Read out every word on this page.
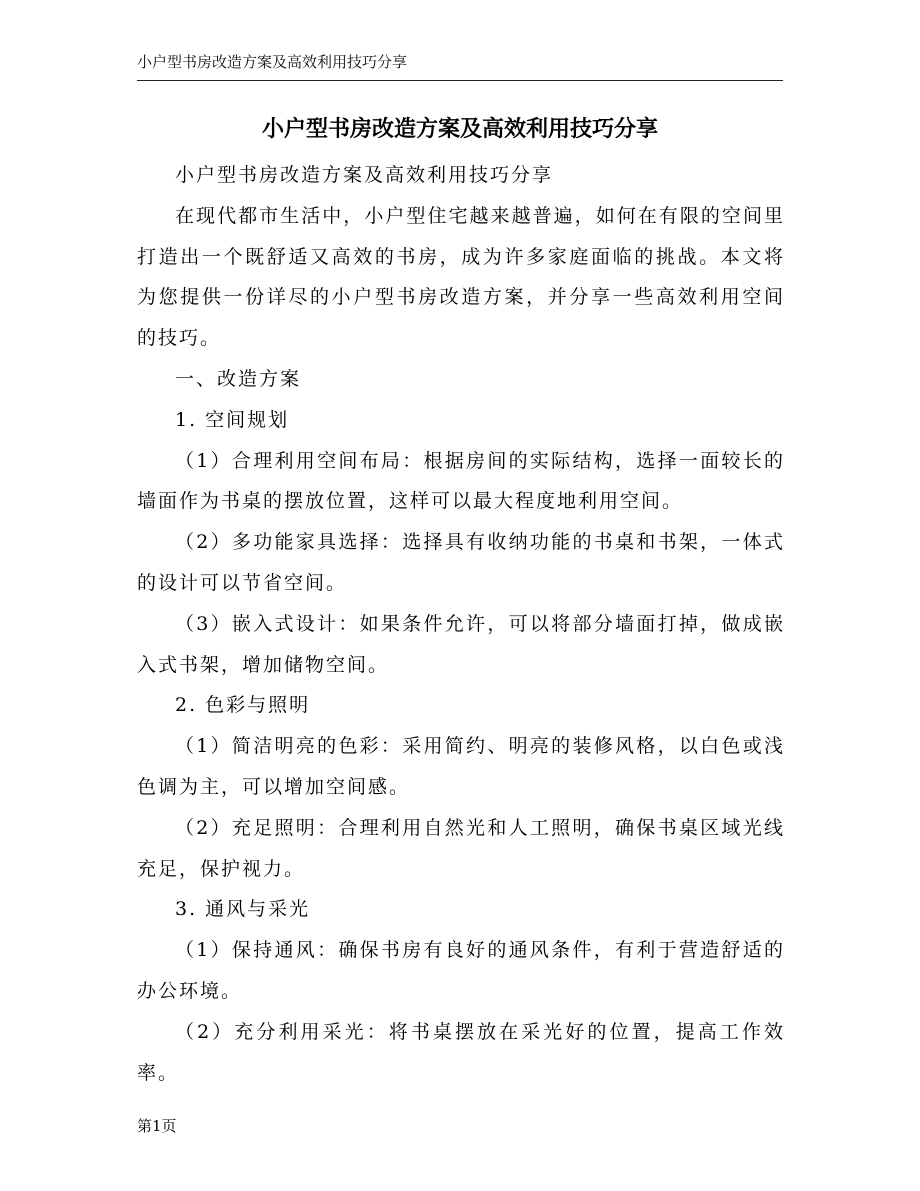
小户型书房改造方案及高效利用技巧分享
小户型书房改造方案及高效利用技巧分享

小户型书房改造方案及高效利用技巧分享

在现代都市生活中，小户型住宅越来越普遍，如何在有限的空间里打造出一个既舒适又高效的书房，成为许多家庭面临的挑战。本文将为您提供一份详尽的小户型书房改造方案，并分享一些高效利用空间的技巧。

一、改造方案

1. 空间规划

（1）合理利用空间布局：根据房间的实际结构，选择一面较长的墙面作为书桌的摆放位置，这样可以最大程度地利用空间。

（2）多功能家具选择：选择具有收纳功能的书桌和书架，一体式的设计可以节省空间。

（3）嵌入式设计：如果条件允许，可以将部分墙面打掉，做成嵌入式书架，增加储物空间。

2. 色彩与照明

（1）简洁明亮的色彩：采用简约、明亮的装修风格，以白色或浅色调为主，可以增加空间感。

（2）充足照明：合理利用自然光和人工照明，确保书桌区域光线充足，保护视力。

3. 通风与采光

（1）保持通风：确保书房有良好的通风条件，有利于营造舒适的办公环境。

（2）充分利用采光：将书桌摆放在采光好的位置，提高工作效率。

第1页
